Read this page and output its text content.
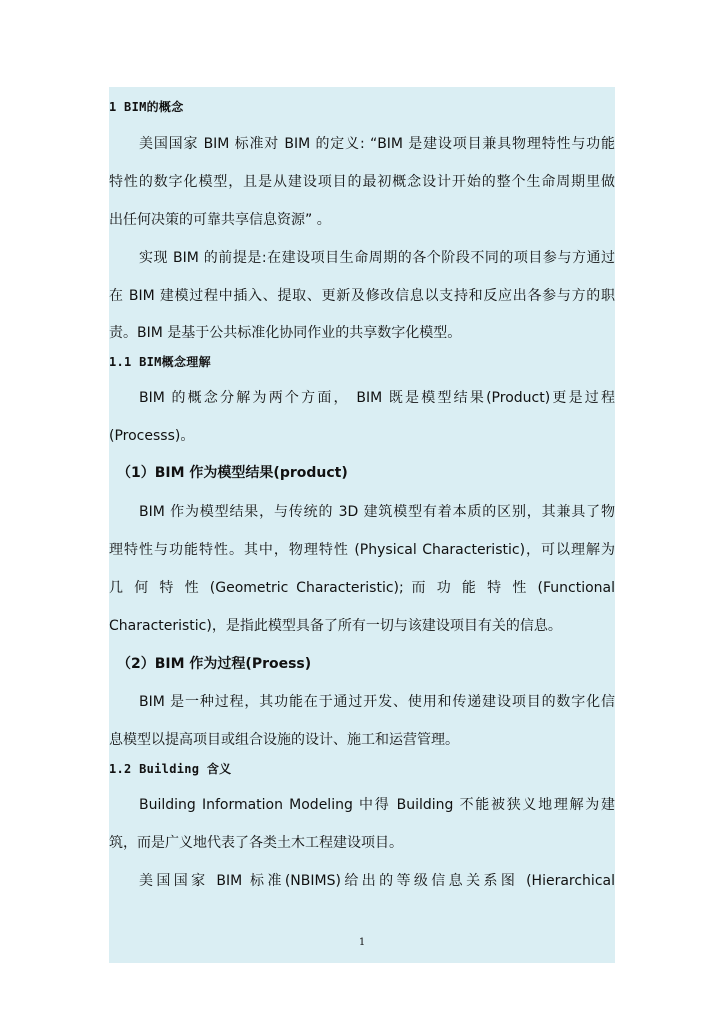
1 BIM的概念
美国国家 BIM 标准对 BIM 的定义: “BIM 是建设项目兼具物理特性与功能
特性的数字化模型，且是从建设项目的最初概念设计开始的整个生命周期里做
出任何决策的可靠共享信息资源” 。
实现 BIM 的前提是:在建设项目生命周期的各个阶段不同的项目参与方通过
在 BIM 建模过程中插入、提取、更新及修改信息以支持和反应出各参与方的职
责。BIM 是基于公共标准化协同作业的共享数字化模型。
1.1 BIM概念理解
BIM 的概念分解为两个方面， BIM 既是模型结果(Product)更是过程
(Processs)。
（1）BIM 作为模型结果(product)
BIM 作为模型结果，与传统的 3D 建筑模型有着本质的区别，其兼具了物
理特性与功能特性。其中，物理特性 (Physical Characteristic)，可以理解为
几 何 特 性 (Geometric Characteristic); 而 功 能 特 性 (Functional
Characteristic)，是指此模型具备了所有一切与该建设项目有关的信息。
（2）BIM 作为过程(Proess)
BIM 是一种过程，其功能在于通过开发、使用和传递建设项目的数字化信
息模型以提高项目或组合设施的设计、施工和运营管理。
1.2 Building 含义
Building Information Modeling 中得 Building 不能被狭义地理解为建
筑，而是广义地代表了各类土木工程建设项目。
美国国家 BIM 标准(NBIMS)给出的等级信息关系图 (Hierarchical
1
